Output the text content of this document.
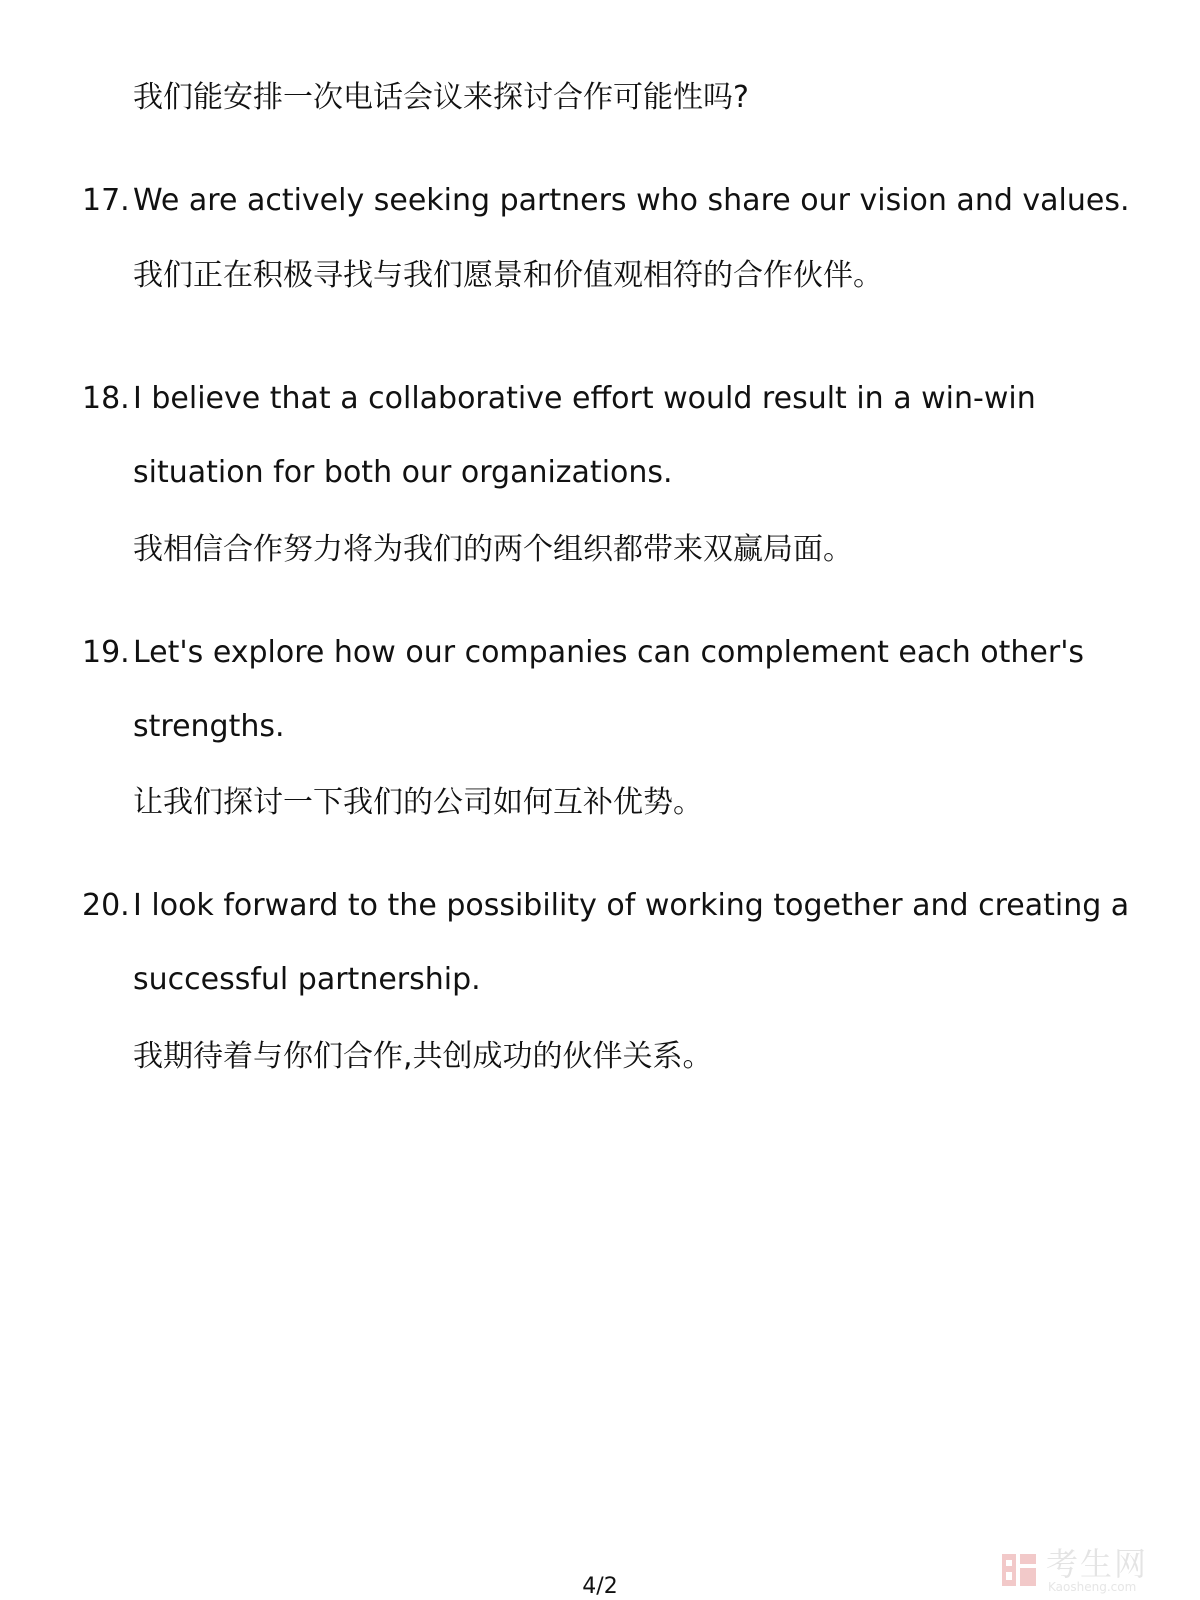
我们能安排一次电话会议来探讨合作可能性吗?
17. We are actively seeking partners who share our vision and values.
我们正在积极寻找与我们愿景和价值观相符的合作伙伴。
18. I believe that a collaborative effort would result in a win-win
situation for both our organizations.
我相信合作努力将为我们的两个组织都带来双赢局面。
19. Let's explore how our companies can complement each other's
strengths.
让我们探讨一下我们的公司如何互补优势。
20. I look forward to the possibility of working together and creating a
successful partnership.
我期待着与你们合作,共创成功的伙伴关系。
4/2
考生网
Kaosheng.com
